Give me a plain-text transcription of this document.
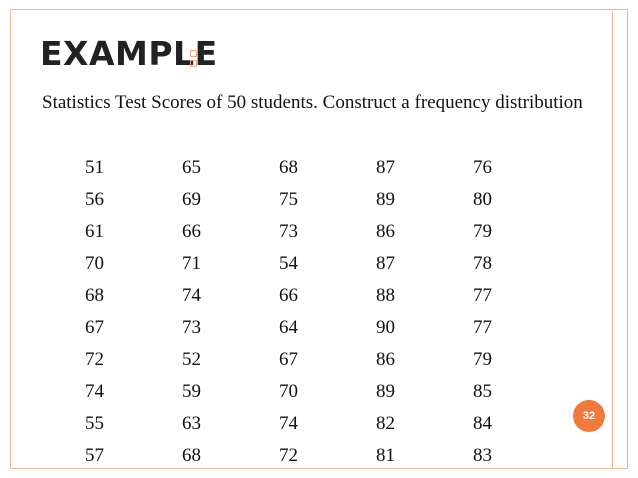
EXAMPLE
Statistics Test Scores of 50 students. Construct a frequency distribution
51	65	68	87	76
56	69	75	89	80
61	66	73	86	79
70	71	54	87	78
68	74	66	88	77
67	73	64	90	77
72	52	67	86	79
74	59	70	89	85
55	63	74	82	84
57	68	72	81	83
32
